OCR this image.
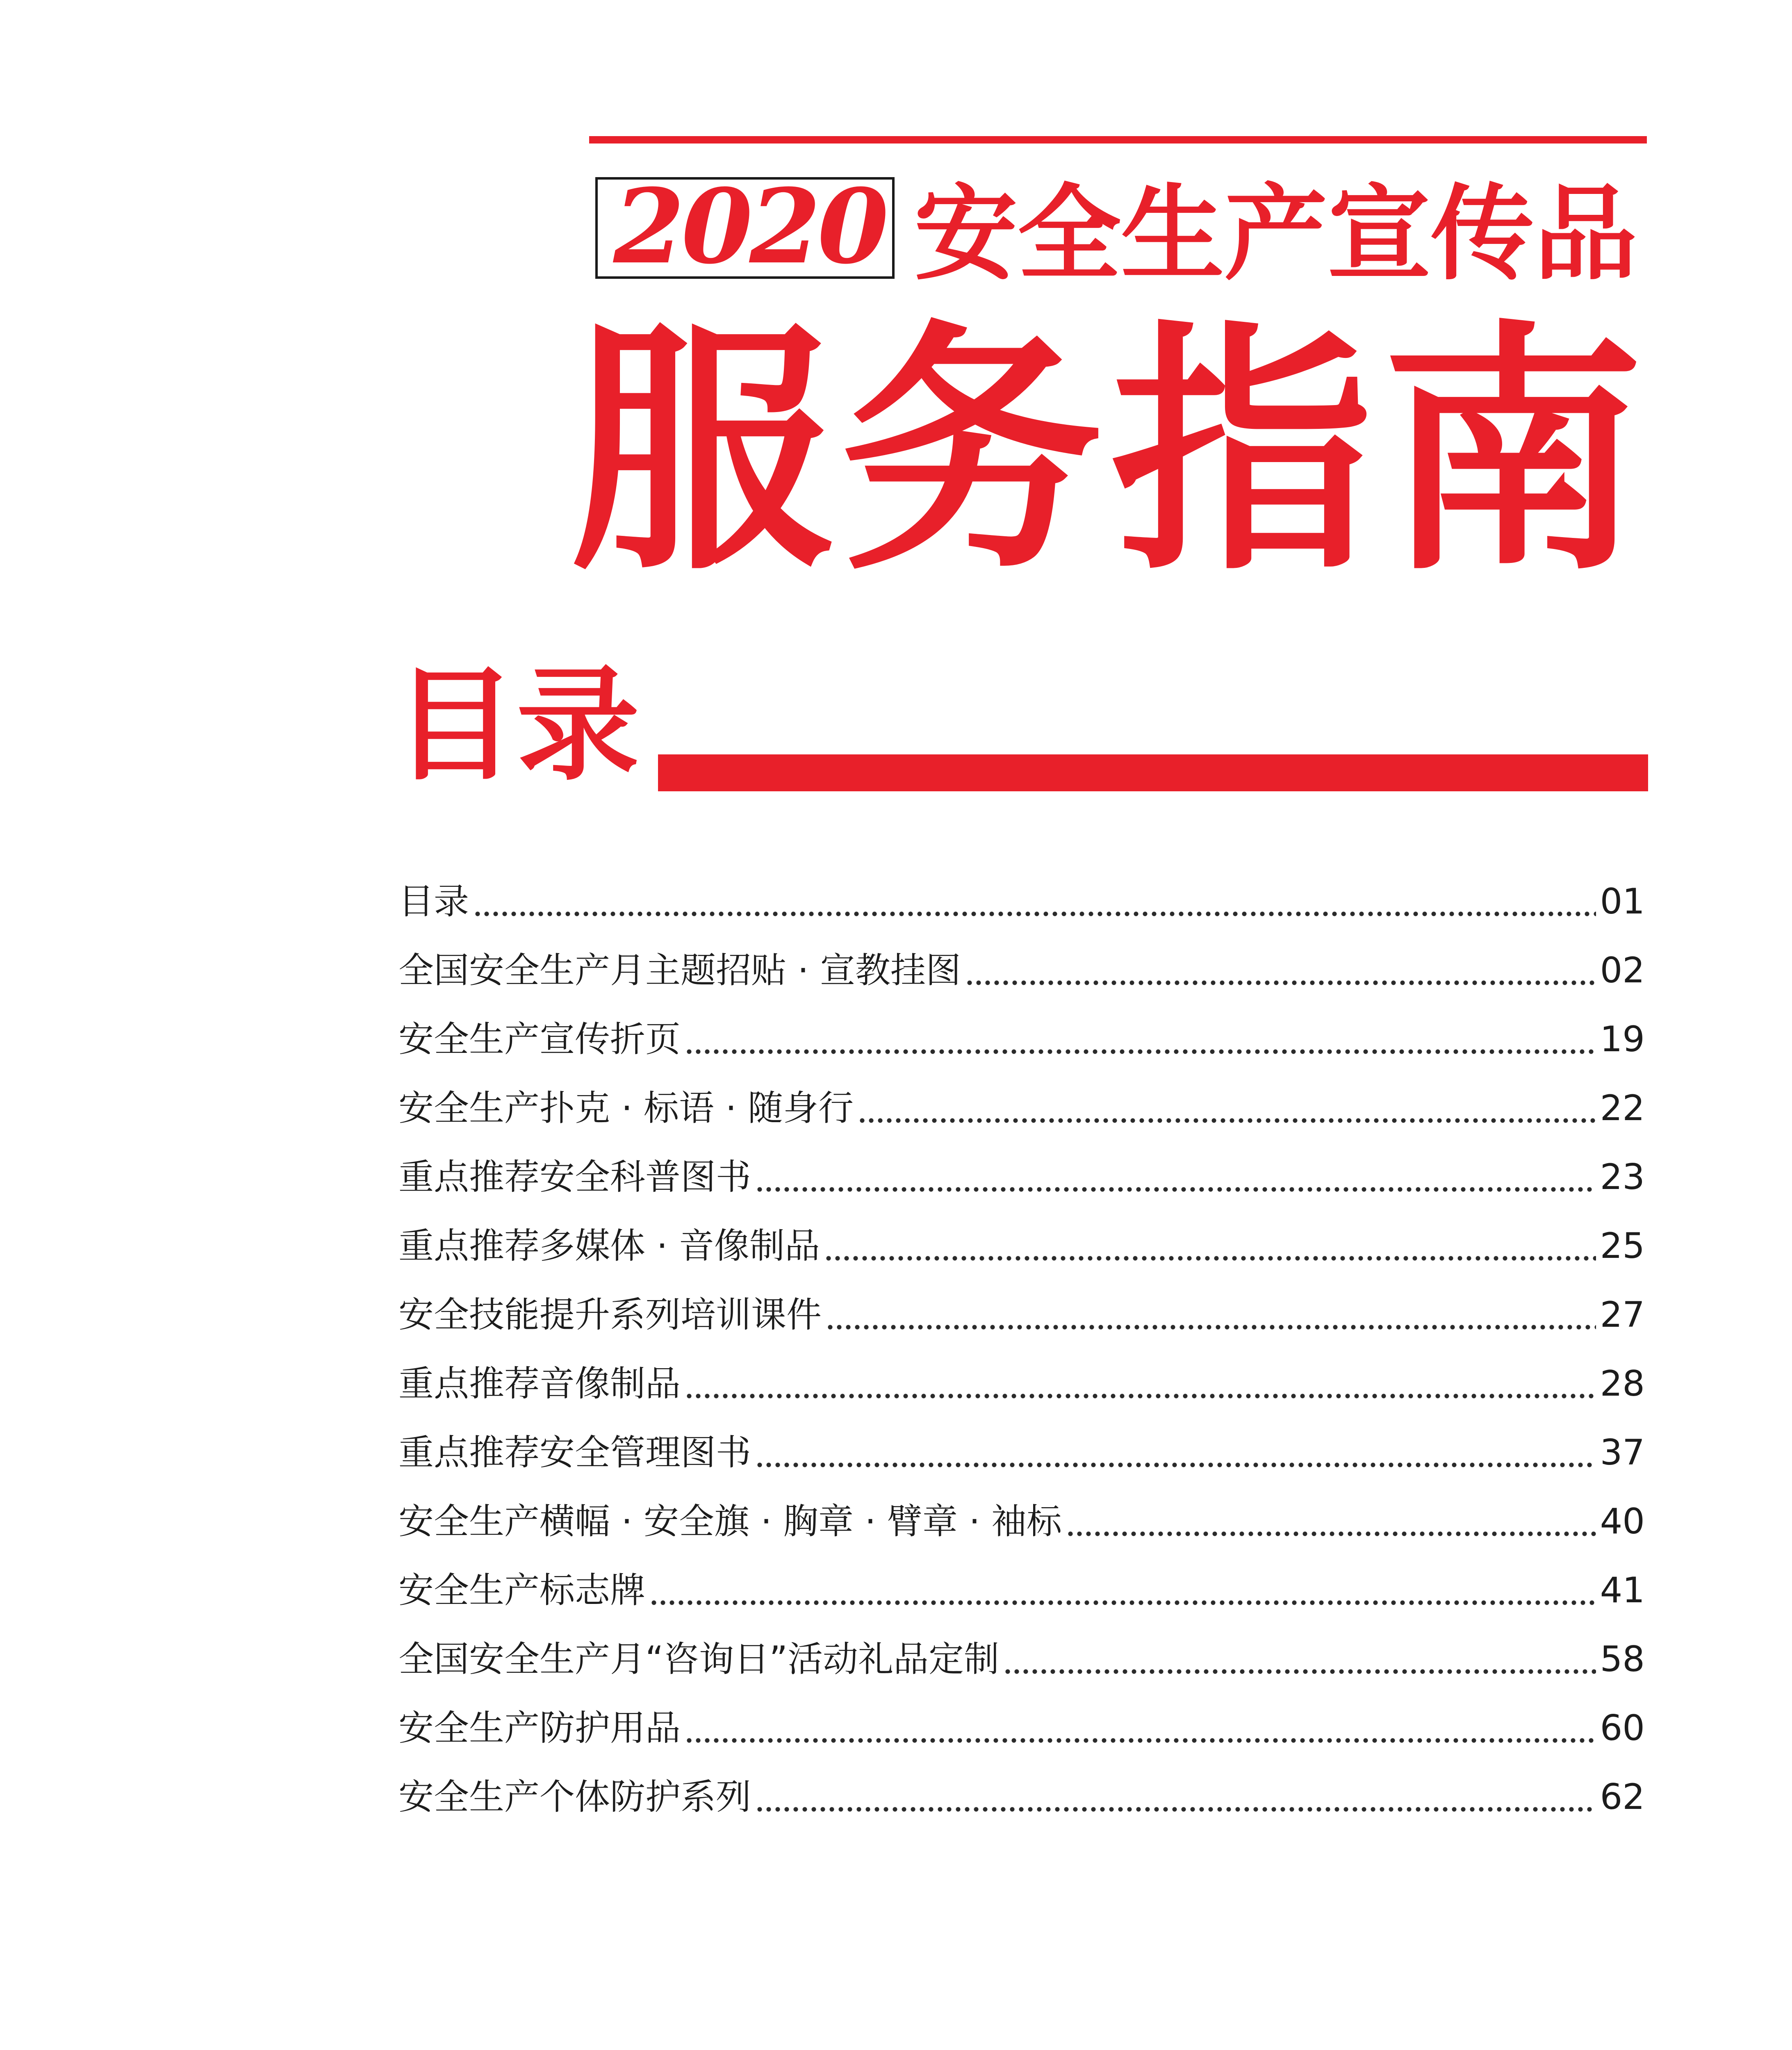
2020 安全生产宣传品
服务指南
目录
目录	01
全国安全生产月主题招贴 · 宣教挂图	02
安全生产宣传折页	19
安全生产扑克 · 标语 · 随身行	22
重点推荐安全科普图书	23
重点推荐多媒体 · 音像制品	25
安全技能提升系列培训课件	27
重点推荐音像制品	28
重点推荐安全管理图书	37
安全生产横幅 · 安全旗 · 胸章 · 臂章 · 袖标	40
安全生产标志牌	41
全国安全生产月“咨询日”活动礼品定制	58
安全生产防护用品	60
安全生产个体防护系列	62
